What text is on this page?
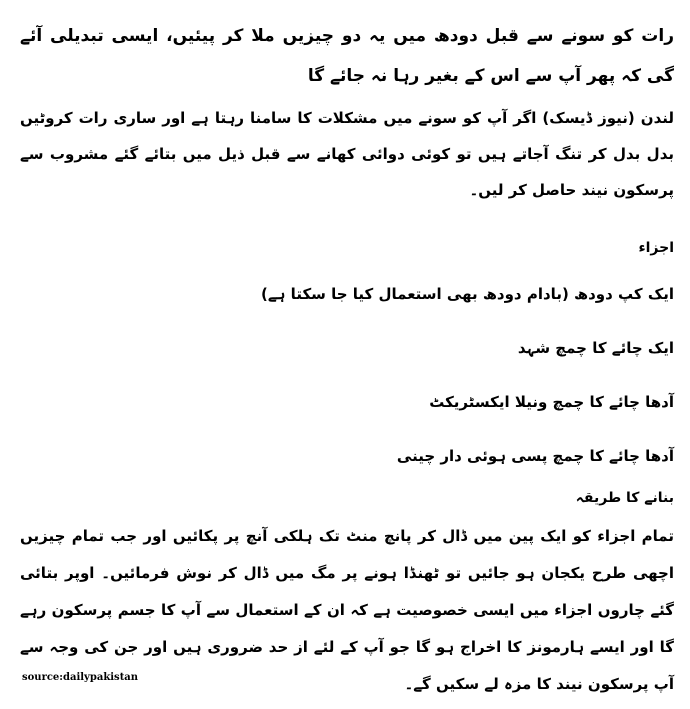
رات کو سونے سے قبل دودھ میں یہ دو چیزیں ملا کر پیئیں، ایسی تبدیلی آئے گی کہ پھر آپ سے اس کے بغیر رہا نہ جائے گا

لندن (نیوز ڈیسک) اگر آپ کو سونے میں مشکلات کا سامنا رہتا ہے اور ساری رات کروٹیں بدل بدل کر تنگ آجاتے ہیں تو کوئی دوائی کھانے سے قبل ذیل میں بتائے گئے مشروب سے پرسکون نیند حاصل کر لیں۔

اجزاء

ایک کپ دودھ (بادام دودھ بھی استعمال کیا جا سکتا ہے)

ایک چائے کا چمچ شہد

آدھا چائے کا چمچ ونیلا ایکسٹریکٹ

آدھا چائے کا چمچ پسی ہوئی دار چینی

بنانے کا طریقہ

تمام اجزاء کو ایک پین میں ڈال کر پانچ منٹ تک ہلکی آنچ پر پکائیں اور جب تمام چیزیں اچھی طرح یکجان ہو جائیں تو ٹھنڈا ہونے پر مگ میں ڈال کر نوش فرمائیں۔ اوپر بتائی گئے چاروں اجزاء میں ایسی خصوصیت ہے کہ ان کے استعمال سے آپ کا جسم پرسکون رہے گا اور ایسے ہارمونز کا اخراج ہو گا جو آپ کے لئے از حد ضروری ہیں اور جن کی وجہ سے آپ پرسکون نیند کا مزہ لے سکیں گے۔

source:dailypakistan
